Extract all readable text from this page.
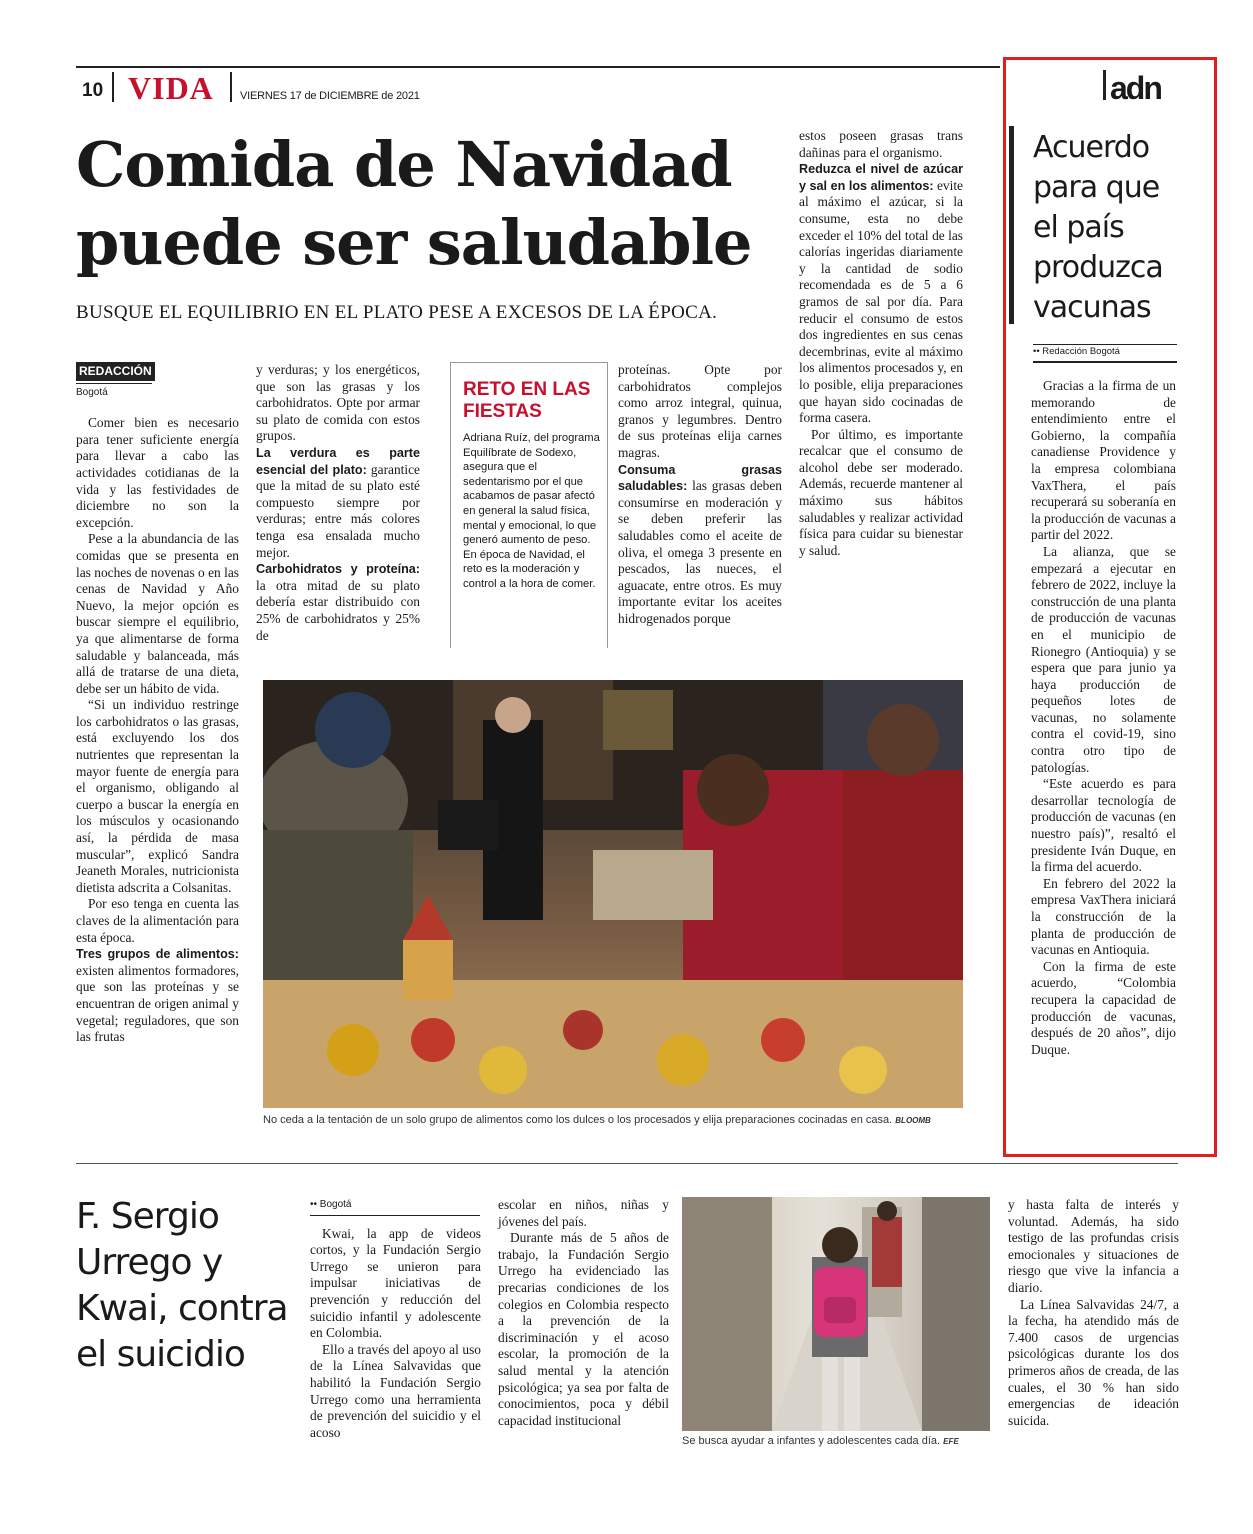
10 VIDA VIERNES 17 de DICIEMBRE de 2021
Comida de Navidad puede ser saludable
BUSQUE EL EQUILIBRIO EN EL PLATO PESE A EXCESOS DE LA ÉPOCA.
REDACCIÓN
Bogotá

Comer bien es necesario para tener suficiente energía para llevar a cabo las actividades cotidianas de la vida y las festividades de diciembre no son la excepción.

Pese a la abundancia de las comidas que se presenta en las noches de novenas o en las cenas de Navidad y Año Nuevo, la mejor opción es buscar siempre el equilibrio, ya que alimentarse de forma saludable y balanceada, más allá de tratarse de una dieta, debe ser un hábito de vida.

“Si un individuo restringe los carbohidratos o las grasas, está excluyendo los dos nutrientes que representan la mayor fuente de energía para el organismo, obligando al cuerpo a buscar la energía en los músculos y ocasionando así, la pérdida de masa muscular”, explicó Sandra Jeaneth Morales, nutricionista dietista adscrita a Colsanitas.

Por eso tenga en cuenta las claves de la alimentación para esta época.

Tres grupos de alimentos: existen alimentos formadores, que son las proteínas y se encuentran de origen animal y vegetal; reguladores, que son las frutas

y verduras; y los energéticos, que son las grasas y los carbohidratos. Opte por armar su plato de comida con estos grupos.

La verdura es parte esencial del plato: garantice que la mitad de su plato esté compuesto siempre por verduras; entre más colores tenga esa ensalada mucho mejor.

Carbohidratos y proteína: la otra mitad de su plato debería estar distribuido con 25% de carbohidratos y 25% de

RETO EN LAS FIESTAS
Adriana Ruíz, del programa Equilíbrate de Sodexo, asegura que el sedentarismo por el que acabamos de pasar afectó en general la salud física, mental y emocional, lo que generó aumento de peso. En época de Navidad, el reto es la moderación y control a la hora de comer.

proteínas. Opte por carbohidratos complejos como arroz integral, quinua, granos y legumbres. Dentro de sus proteínas elija carnes magras.

Consuma grasas saludables: las grasas deben consumirse en moderación y se deben preferir las saludables como el aceite de oliva, el omega 3 presente en pescados, las nueces, el aguacate, entre otros. Es muy importante evitar los aceites hidrogenados porque

estos poseen grasas trans dañinas para el organismo.

Reduzca el nivel de azúcar y sal en los alimentos: evite al máximo el azúcar, si la consume, esta no debe exceder el 10% del total de las calorías ingeridas diariamente y la cantidad de sodio recomendada es de 5 a 6 gramos de sal por día. Para reducir el consumo de estos dos ingredientes en sus cenas decembrinas, evite al máximo los alimentos procesados y, en lo posible, elija preparaciones que hayan sido cocinadas de forma casera.

Por último, es importante recalcar que el consumo de alcohol debe ser moderado. Además, recuerde mantener al máximo sus hábitos saludables y realizar actividad física para cuidar su bienestar y salud.

No ceda a la tentación de un solo grupo de alimentos como los dulces o los procesados y elija preparaciones cocinadas en casa. BLOOMB
adn
Acuerdo para que el país produzca vacunas
•• Redacción Bogotá

Gracias a la firma de un memorando de entendimiento entre el Gobierno, la compañía canadiense Providence y la empresa colombiana VaxThera, el país recuperará su soberanía en la producción de vacunas a partir del 2022.

La alianza, que se empezará a ejecutar en febrero de 2022, incluye la construcción de una planta de producción de vacunas en el municipio de Rionegro (Antioquia) y se espera que para junio ya haya producción de pequeños lotes de vacunas, no solamente contra el covid-19, sino contra otro tipo de patologías.

“Este acuerdo es para desarrollar tecnología de producción de vacunas (en nuestro país)”, resaltó el presidente Iván Duque, en la firma del acuerdo.

En febrero del 2022 la empresa VaxThera iniciará la construcción de la planta de producción de vacunas en Antioquia.

Con la firma de este acuerdo, “Colombia recupera la capacidad de producción de vacunas, después de 20 años”, dijo Duque.

F. Sergio Urrego y Kwai, contra el suicidio
•• Bogotá

Kwai, la app de videos cortos, y la Fundación Sergio Urrego se unieron para impulsar iniciativas de prevención y reducción del suicidio infantil y adolescente en Colombia.

Ello a través del apoyo al uso de la Línea Salvavidas que habilitó la Fundación Sergio Urrego como una herramienta de prevención del suicidio y el acoso

escolar en niños, niñas y jóvenes del país.

Durante más de 5 años de trabajo, la Fundación Sergio Urrego ha evidenciado las precarias condiciones de los colegios en Colombia respecto a la prevención de la discriminación y el acoso escolar, la promoción de la salud mental y la atención psicológica; ya sea por falta de conocimientos, poca y débil capacidad institucional

Se busca ayudar a infantes y adolescentes cada día. EFE

y hasta falta de interés y voluntad. Además, ha sido testigo de las profundas crisis emocionales y situaciones de riesgo que vive la infancia a diario.

La Línea Salvavidas 24/7, a la fecha, ha atendido más de 7.400 casos de urgencias psicológicas durante los dos primeros años de creada, de las cuales, el 30 % han sido emergencias de ideación suicida.
